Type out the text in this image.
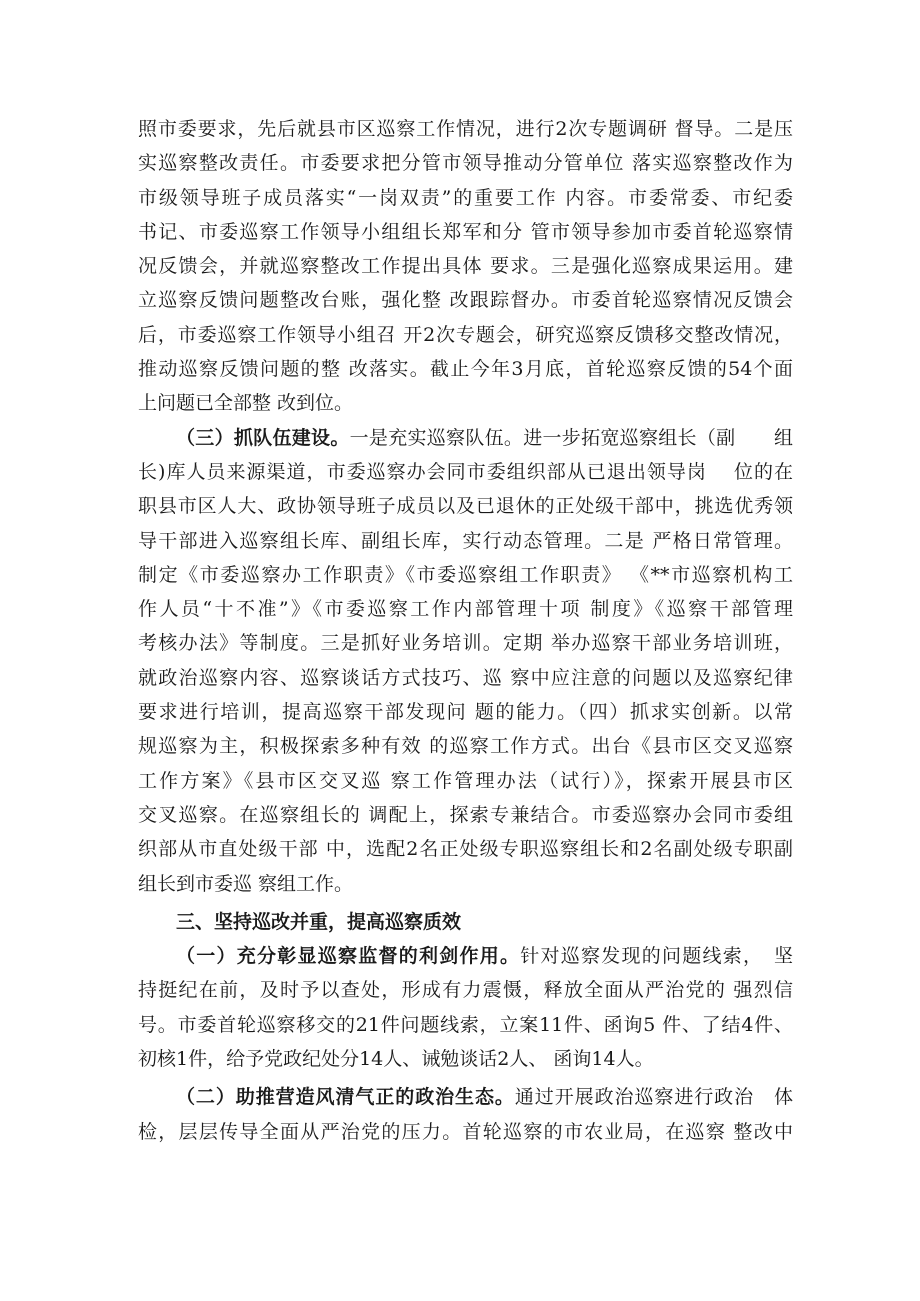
照市委要求，先后就县市区巡察工作情况，进行2次专题调研 督导。二是压
实巡察整改责任。市委要求把分管市领导推动分管单位 落实巡察整改作为
市级领导班子成员落实“一岗双责”的重要工作 内容。市委常委、市纪委
书记、市委巡察工作领导小组组长郑军和分 管市领导参加市委首轮巡察情
况反馈会，并就巡察整改工作提出具体 要求。三是强化巡察成果运用。建
立巡察反馈问题整改台账，强化整 改跟踪督办。市委首轮巡察情况反馈会
后，市委巡察工作领导小组召 开2次专题会，研究巡察反馈移交整改情况，
推动巡察反馈问题的整 改落实。截止今年3月底，首轮巡察反馈的54个面
上问题已全部整 改到位。
（三）抓队伍建设。一是充实巡察队伍。进一步拓宽巡察组长（副　　组
长)库人员来源渠道，市委巡察办会同市委组织部从已退出领导岗 　位的在
职县市区人大、政协领导班子成员以及已退休的正处级干部中，挑选优秀领
导干部进入巡察组长库、副组长库，实行动态管理。二是 严格日常管理。
制定《市委巡察办工作职责》《市委巡察组工作职责》 《**市巡察机构工
作人员“十不准”》《市委巡察工作内部管理十项 制度》《巡察干部管理
考核办法》等制度。三是抓好业务培训。定期 举办巡察干部业务培训班，
就政治巡察内容、巡察谈话方式技巧、巡 察中应注意的问题以及巡察纪律
要求进行培训，提高巡察干部发现问 题的能力。（四）抓求实创新。以常
规巡察为主，积极探索多种有效 的巡察工作方式。出台《县市区交叉巡察
工作方案》《县市区交叉巡 察工作管理办法（试行）》，探索开展县市区
交叉巡察。在巡察组长的 调配上，探索专兼结合。市委巡察办会同市委组
织部从市直处级干部 中，选配2名正处级专职巡察组长和2名副处级专职副
组长到市委巡 察组工作。
三、坚持巡改并重，提高巡察质效
（一）充分彰显巡察监督的利剑作用。针对巡察发现的问题线索，　坚
持挺纪在前，及时予以查处，形成有力震慑，释放全面从严治党的 强烈信
号。市委首轮巡察移交的21件问题线索，立案11件、函询5 件、了结4件、
初核1件，给予党政纪处分14人、诫勉谈话2人、 函询14人。
（二）助推营造风清气正的政治生态。通过开展政治巡察进行政治　体
检，层层传导全面从严治党的压力。首轮巡察的市农业局，在巡察 整改中
